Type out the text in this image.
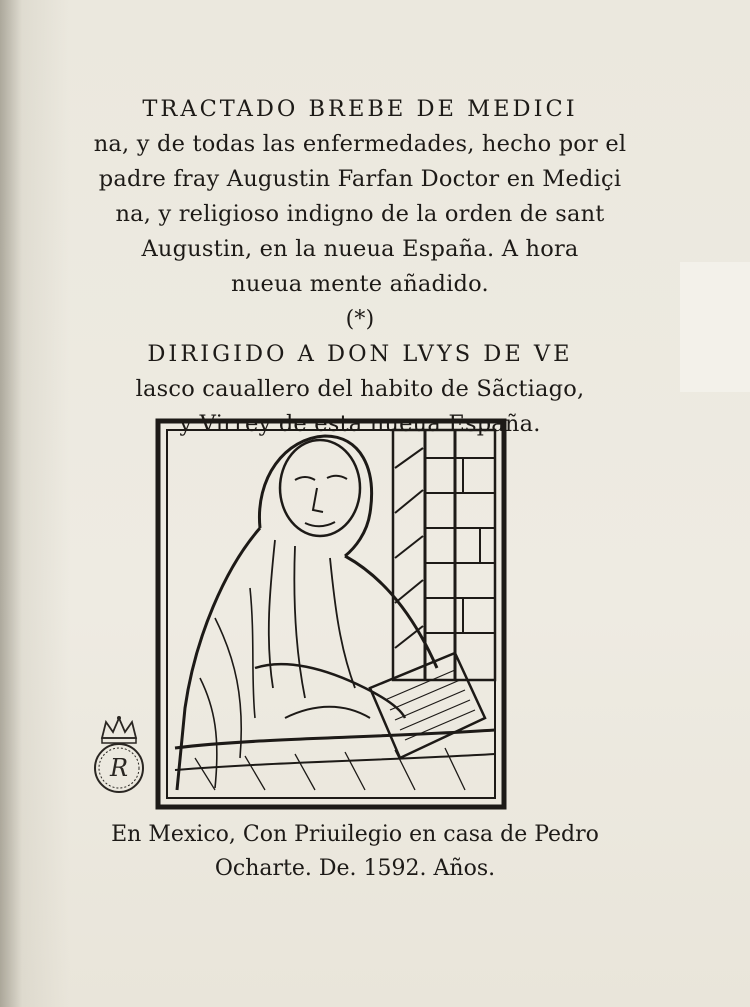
TRACTADO BREBE DE MEDICI
na, y de todas las enfermedades, hecho por el
padre fray Augustin Farfan Doctor en Mediçi
na, y religioso indigno de la orden de sant
Augustin, en la nueua España. A hora
nueua mente añadido.
(*)
DIRIGIDO A DON LVYS DE VE
lasco cauallero del habito de Sãctiago,
y Virrey de esta nueua España.
R
En Mexico, Con Priuilegio en casa de Pedro
Ocharte. De. 1592. Años.
